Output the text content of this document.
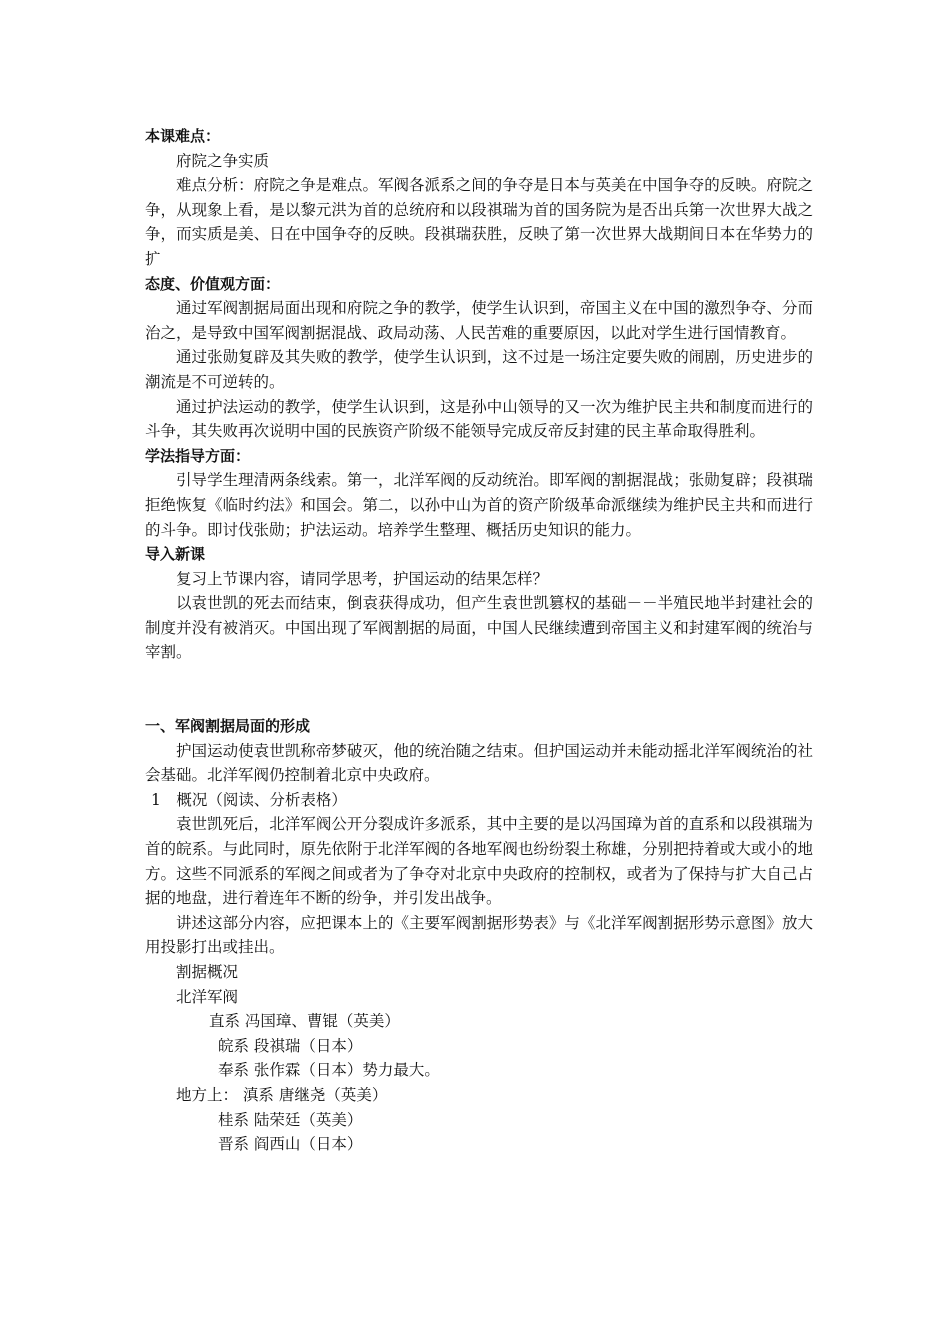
本课难点：

府院之争实质

难点分析：府院之争是难点。军阀各派系之间的争夺是日本与英美在中国争夺的反映。府院之争，从现象上看，是以黎元洪为首的总统府和以段祺瑞为首的国务院为是否出兵第一次世界大战之争，而实质是美、日在中国争夺的反映。段祺瑞获胜，反映了第一次世界大战期间日本在华势力的扩

态度、价值观方面：

通过军阀割据局面出现和府院之争的教学，使学生认识到，帝国主义在中国的激烈争夺、分而治之，是导致中国军阀割据混战、政局动荡、人民苦难的重要原因，以此对学生进行国情教育。

通过张勋复辟及其失败的教学，使学生认识到，这不过是一场注定要失败的闹剧，历史进步的潮流是不可逆转的。

通过护法运动的教学，使学生认识到，这是孙中山领导的又一次为维护民主共和制度而进行的斗争，其失败再次说明中国的民族资产阶级不能领导完成反帝反封建的民主革命取得胜利。

学法指导方面：

引导学生理清两条线索。第一，北洋军阀的反动统治。即军阀的割据混战；张勋复辟；段祺瑞拒绝恢复《临时约法》和国会。第二，以孙中山为首的资产阶级革命派继续为维护民主共和而进行的斗争。即讨伐张勋；护法运动。培养学生整理、概括历史知识的能力。

导入新课

复习上节课内容，请同学思考，护国运动的结果怎样？

以袁世凯的死去而结束，倒袁获得成功，但产生袁世凯篡权的基础－－半殖民地半封建社会的制度并没有被消灭。中国出现了军阀割据的局面，中国人民继续遭到帝国主义和封建军阀的统治与宰割。

一、军阀割据局面的形成

护国运动使袁世凯称帝梦破灭，他的统治随之结束。但护国运动并未能动摇北洋军阀统治的社会基础。北洋军阀仍控制着北京中央政府。

1　概况（阅读、分析表格）

袁世凯死后，北洋军阀公开分裂成许多派系，其中主要的是以冯国璋为首的直系和以段祺瑞为首的皖系。与此同时，原先依附于北洋军阀的各地军阀也纷纷裂土称雄，分别把持着或大或小的地方。这些不同派系的军阀之间或者为了争夺对北京中央政府的控制权，或者为了保持与扩大自己占据的地盘，进行着连年不断的纷争，并引发出战争。

讲述这部分内容，应把课本上的《主要军阀割据形势表》与《北洋军阀割据形势示意图》放大用投影打出或挂出。

割据概况

北洋军阀

直系 冯国璋、曹锟（英美）

皖系 段祺瑞（日本）

奉系 张作霖（日本）势力最大。

地方上： 滇系 唐继尧（英美）

桂系 陆荣廷（英美）

晋系 阎西山（日本）
